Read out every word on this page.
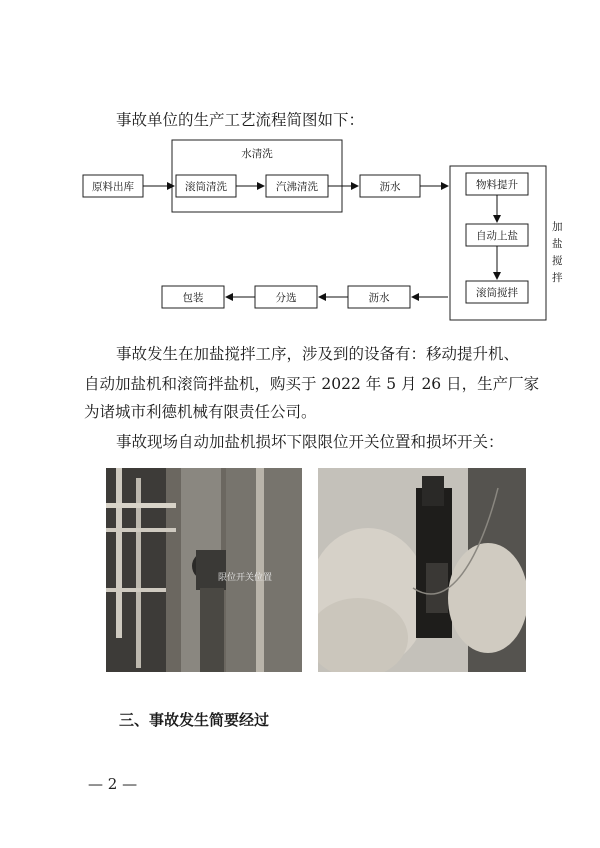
事故单位的生产工艺流程简图如下：
水清洗
加
盐
搅
拌
原料出库	滚筒清洗	汽沸清洗	沥水	物料提升
自动上盐
滚筒搅拌
沥水
分选
包装
事故发生在加盐搅拌工序，涉及到的设备有：移动提升机、
自动加盐机和滚筒拌盐机，购买于 2022 年 5 月 26 日，生产厂家
为诸城市利德机械有限责任公司。
事故现场自动加盐机损坏下限限位开关位置和损坏开关：
限位开关位置
三、事故发生简要经过
— 2 —
